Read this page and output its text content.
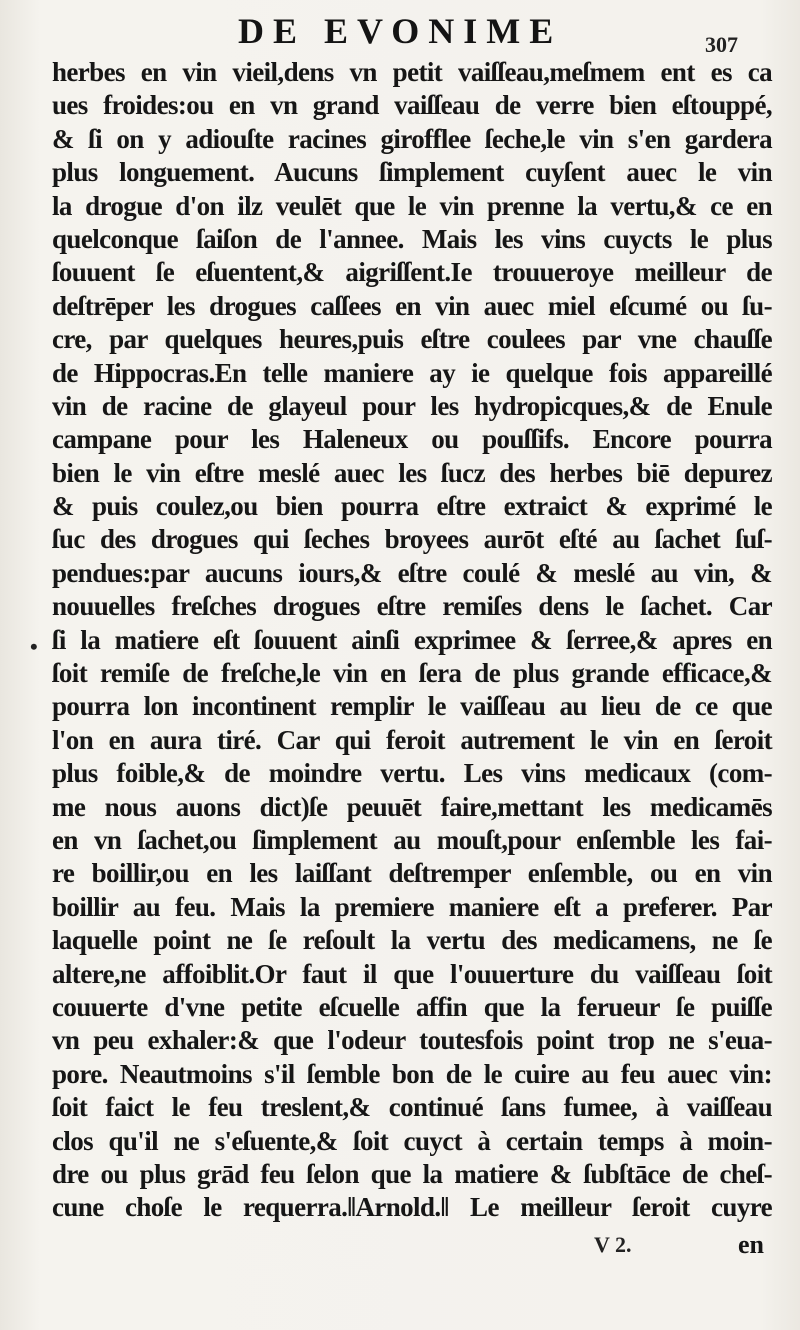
DE EVONIME	307
•
herbes en vin vieil,dens vn petit vaiſſeau,meſmem ent es ca
ues froides:ou en vn grand vaiſſeau de verre bien eſtouppé,
& ſi on y adiouſte racines girofflee ſeche,le vin s'en gardera
plus longuement. Aucuns ſimplement cuyſent auec le vin
la drogue d'on ilz veulēt que le vin prenne la vertu,& ce en
quelconque ſaiſon de l'annee. Mais les vins cuycts le plus
ſouuent ſe eſuentent,& aigriſſent.Ie trouueroye meilleur de
deſtrēper les drogues caſſees en vin auec miel eſcumé ou ſu-
cre, par quelques heures,puis eſtre coulees par vne chauſſe
de Hippocras.En telle maniere ay ie quelque fois appareillé
vin de racine de glayeul pour les hydropicques,& de Enule
campane pour les Haleneux ou pouſſifs. Encore pourra
bien le vin eſtre meslé auec les ſucz des herbes biē depurez
& puis coulez,ou bien pourra eſtre extraict & exprimé le
ſuc des drogues qui ſeches broyees aurōt eſté au ſachet ſuſ-
pendues:par aucuns iours,& eſtre coulé & meslé au vin, &
nouuelles freſches drogues eſtre remiſes dens le ſachet. Car
ſi la matiere eſt ſouuent ainſi exprimee & ſerree,& apres en
ſoit remiſe de freſche,le vin en ſera de plus grande efficace,&
pourra lon incontinent remplir le vaiſſeau au lieu de ce que
l'on en aura tiré. Car qui feroit autrement le vin en ſeroit
plus foible,& de moindre vertu. Les vins medicaux (com-
me nous auons dict)ſe peuuēt faire,mettant les medicamēs
en vn ſachet,ou ſimplement au mouſt,pour enſemble les fai-
re boillir,ou en les laiſſant deſtremper enſemble, ou en vin
boillir au feu. Mais la premiere maniere eſt a preferer. Par
laquelle point ne ſe reſoult la vertu des medicamens, ne ſe
altere,ne affoiblit.Or faut il que l'ouuerture du vaiſſeau ſoit
couuerte d'vne petite eſcuelle affin que la ferueur ſe puiſſe
vn peu exhaler:& que l'odeur toutesfois point trop ne s'eua-
pore. Neautmoins s'il ſemble bon de le cuire au feu auec vin:
ſoit faict le feu treslent,& continué ſans fumee, à vaiſſeau
clos qu'il ne s'eſuente,& ſoit cuyct à certain temps à moin-
dre ou plus grād feu ſelon que la matiere & ſubſtāce de cheſ-
cune choſe le requerra.‖Arnold.‖ Le meilleur ſeroit cuyre
V 2.	en
